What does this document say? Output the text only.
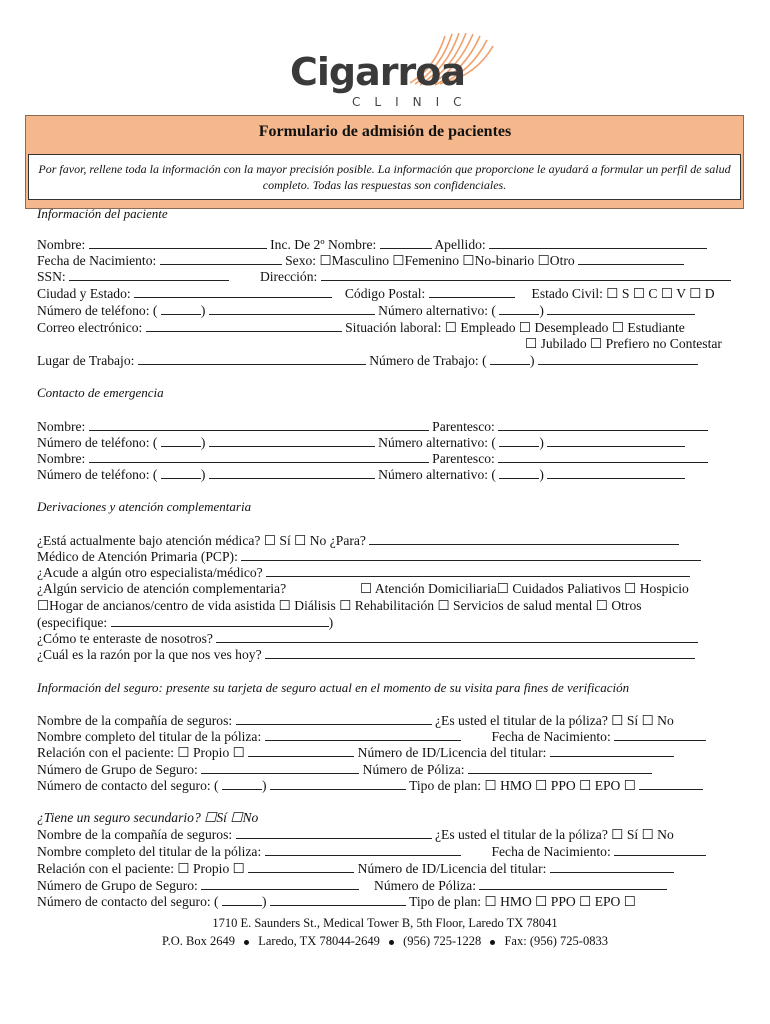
Cigarroa
CLINIC
Formulario de admisión de pacientes
Por favor, rellene toda la información con la mayor precisión posible. La información que proporcione le ayudará a formular un perfil de salud completo. Todas las respuestas son confidenciales.
Información del paciente
Nombre:	Inc. De 2º Nombre:	Apellido:
Fecha de Nacimiento:	Sexo: ☐Masculino ☐Femenino ☐No-binario ☐Otro
SSN:	Dirección:
Ciudad y Estado:	Código Postal:	Estado Civil: ☐ S ☐ C ☐ V ☐ D
Número de teléfono: (	)	Número alternativo: (	)
Correo electrónico:	Situación laboral: ☐ Empleado ☐ Desempleado ☐ Estudiante
☐ Jubilado ☐ Prefiero no Contestar
Lugar de Trabajo:	Número de Trabajo: (	)
Contacto de emergencia
Nombre:	Parentesco:
Número de teléfono: (	)	Número alternativo: (	)
Nombre:	Parentesco:
Número de teléfono: (	)	Número alternativo: (	)
Derivaciones y atención complementaria
¿Está actualmente bajo atención médica? ☐ Sí ☐ No ¿Para?
Médico de Atención Primaria (PCP):
¿Acude a algún otro especialista/médico?
¿Algún servicio de atención complementaria?	☐ Atención Domiciliaria☐ Cuidados Paliativos ☐ Hospicio
☐Hogar de ancianos/centro de vida asistida ☐ Diálisis ☐ Rehabilitación ☐ Servicios de salud mental ☐ Otros
(especifique:	)
¿Cómo te enteraste de nosotros?
¿Cuál es la razón por la que nos ves hoy?
Información del seguro: presente su tarjeta de seguro actual en el momento de su visita para fines de verificación
Nombre de la compañía de seguros:	¿Es usted el titular de la póliza? ☐ Sí ☐ No
Nombre completo del titular de la póliza:	Fecha de Nacimiento:
Relación con el paciente: ☐ Propio ☐	Número de ID/Licencia del titular:
Número de Grupo de Seguro:	Número de Póliza:
Número de contacto del seguro: (	)	Tipo de plan: ☐ HMO ☐ PPO ☐ EPO ☐
¿Tiene un seguro secundario? ☐Sí ☐No
Nombre de la compañía de seguros:	¿Es usted el titular de la póliza? ☐ Sí ☐ No
Nombre completo del titular de la póliza:	Fecha de Nacimiento:
Relación con el paciente: ☐ Propio ☐	Número de ID/Licencia del titular:
Número de Grupo de Seguro:	Número de Póliza:
Número de contacto del seguro: (	)	Tipo de plan: ☐ HMO ☐ PPO ☐ EPO ☐
1710 E. Saunders St., Medical Tower B, 5th Floor, Laredo TX 78041
P.O. Box 2649 Laredo, TX 78044-2649 (956) 725-1228 Fax: (956) 725-0833
